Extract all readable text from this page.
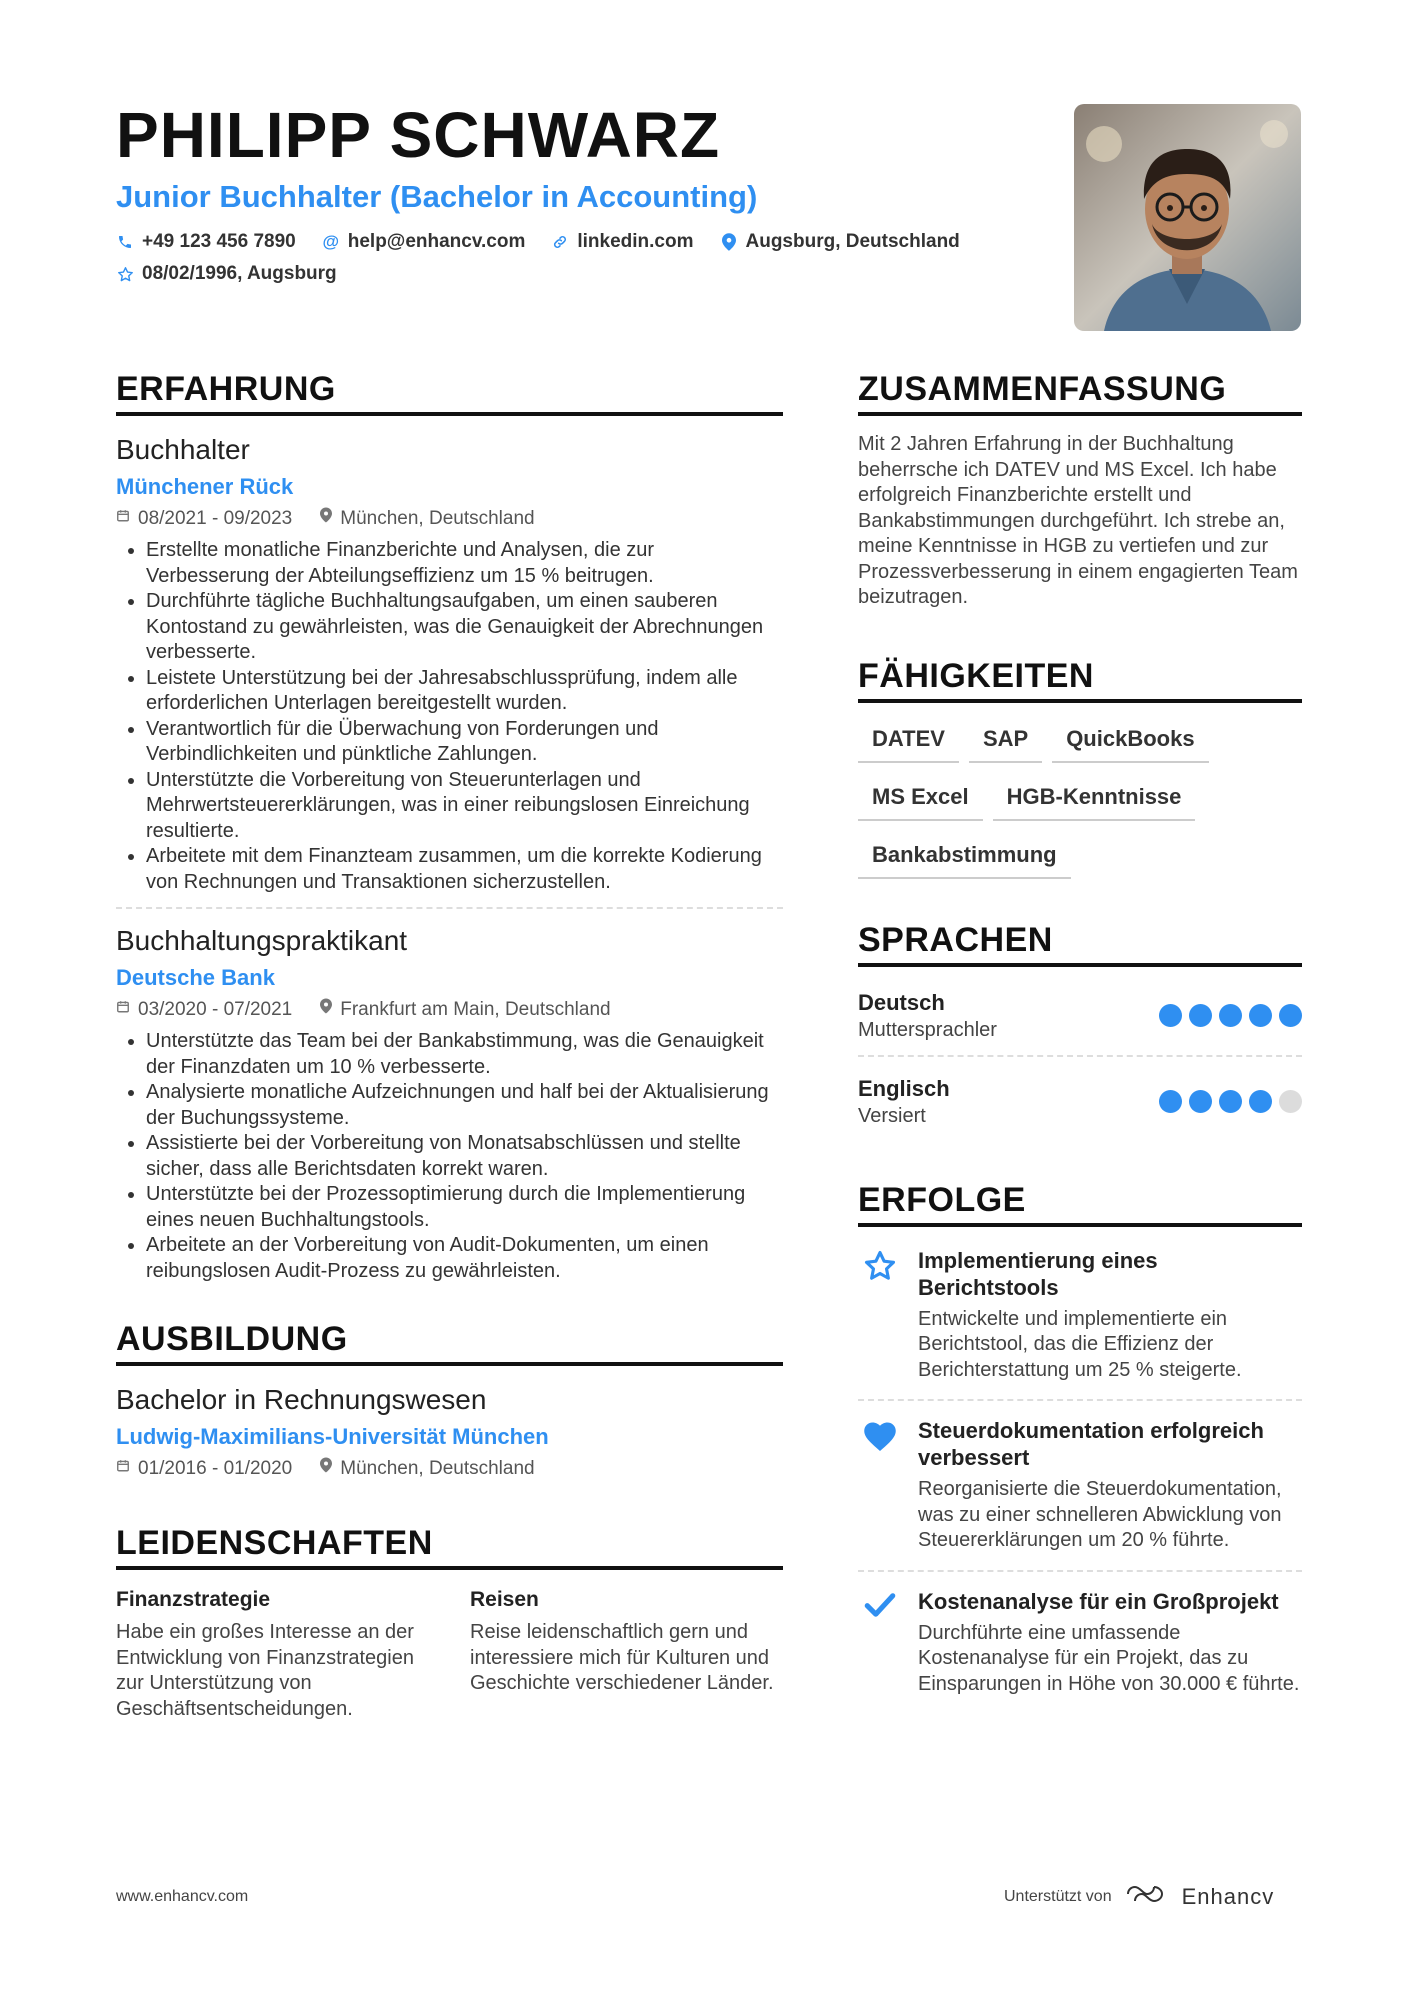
PHILIPP SCHWARZ
Junior Buchhalter (Bachelor in Accounting)
+49 123 456 7890 @ help@enhancv.com	linkedin.com	Augsburg, Deutschland
08/02/1996, Augsburg
ERFAHRUNG
Buchhalter
Münchener Rück
08/2021 - 09/2023	München, Deutschland
• Erstellte monatliche Finanzberichte und Analysen, die zur Verbesserung der Abteilungseffizienz um 15 % beitrugen.
• Durchführte tägliche Buchhaltungsaufgaben, um einen sauberen Kontostand zu gewährleisten, was die Genauigkeit der Abrechnungen verbesserte.
• Leistete Unterstützung bei der Jahresabschlussprüfung, indem alle erforderlichen Unterlagen bereitgestellt wurden.
• Verantwortlich für die Überwachung von Forderungen und Verbindlichkeiten und pünktliche Zahlungen.
• Unterstützte die Vorbereitung von Steuerunterlagen und Mehrwertsteuererklärungen, was in einer reibungslosen Einreichung resultierte.
• Arbeitete mit dem Finanzteam zusammen, um die korrekte Kodierung von Rechnungen und Transaktionen sicherzustellen.
Buchhaltungspraktikant
Deutsche Bank
03/2020 - 07/2021	Frankfurt am Main, Deutschland
• Unterstützte das Team bei der Bankabstimmung, was die Genauigkeit der Finanzdaten um 10 % verbesserte.
• Analysierte monatliche Aufzeichnungen und half bei der Aktualisierung der Buchungssysteme.
• Assistierte bei der Vorbereitung von Monatsabschlüssen und stellte sicher, dass alle Berichtsdaten korrekt waren.
• Unterstützte bei der Prozessoptimierung durch die Implementierung eines neuen Buchhaltungstools.
• Arbeitete an der Vorbereitung von Audit-Dokumenten, um einen reibungslosen Audit-Prozess zu gewährleisten.
AUSBILDUNG
Bachelor in Rechnungswesen
Ludwig-Maximilians-Universität München
01/2016 - 01/2020	München, Deutschland
LEIDENSCHAFTEN
Finanzstrategie
Habe ein großes Interesse an der Entwicklung von Finanzstrategien zur Unterstützung von Geschäftsentscheidungen.
Reisen
Reise leidenschaftlich gern und interessiere mich für Kulturen und Geschichte verschiedener Länder.
ZUSAMMENFASSUNG
Mit 2 Jahren Erfahrung in der Buchhaltung beherrsche ich DATEV und MS Excel. Ich habe erfolgreich Finanzberichte erstellt und Bankabstimmungen durchgeführt. Ich strebe an, meine Kenntnisse in HGB zu vertiefen und zur Prozessverbesserung in einem engagierten Team beizutragen.
FÄHIGKEITEN
DATEV	SAP	QuickBooks
MS Excel	HGB-Kenntnisse
Bankabstimmung
SPRACHEN
Deutsch
Muttersprachler
Englisch
Versiert
ERFOLGE
Implementierung eines Berichtstools
Entwickelte und implementierte ein Berichtstool, das die Effizienz der Berichterstattung um 25 % steigerte.
Steuerdokumentation erfolgreich verbessert
Reorganisierte die Steuerdokumentation, was zu einer schnelleren Abwicklung von Steuererklärungen um 20 % führte.
Kostenanalyse für ein Großprojekt
Durchführte eine umfassende Kostenanalyse für ein Projekt, das zu Einsparungen in Höhe von 30.000 € führte.
www.enhancv.com	Unterstützt von	Enhancv
